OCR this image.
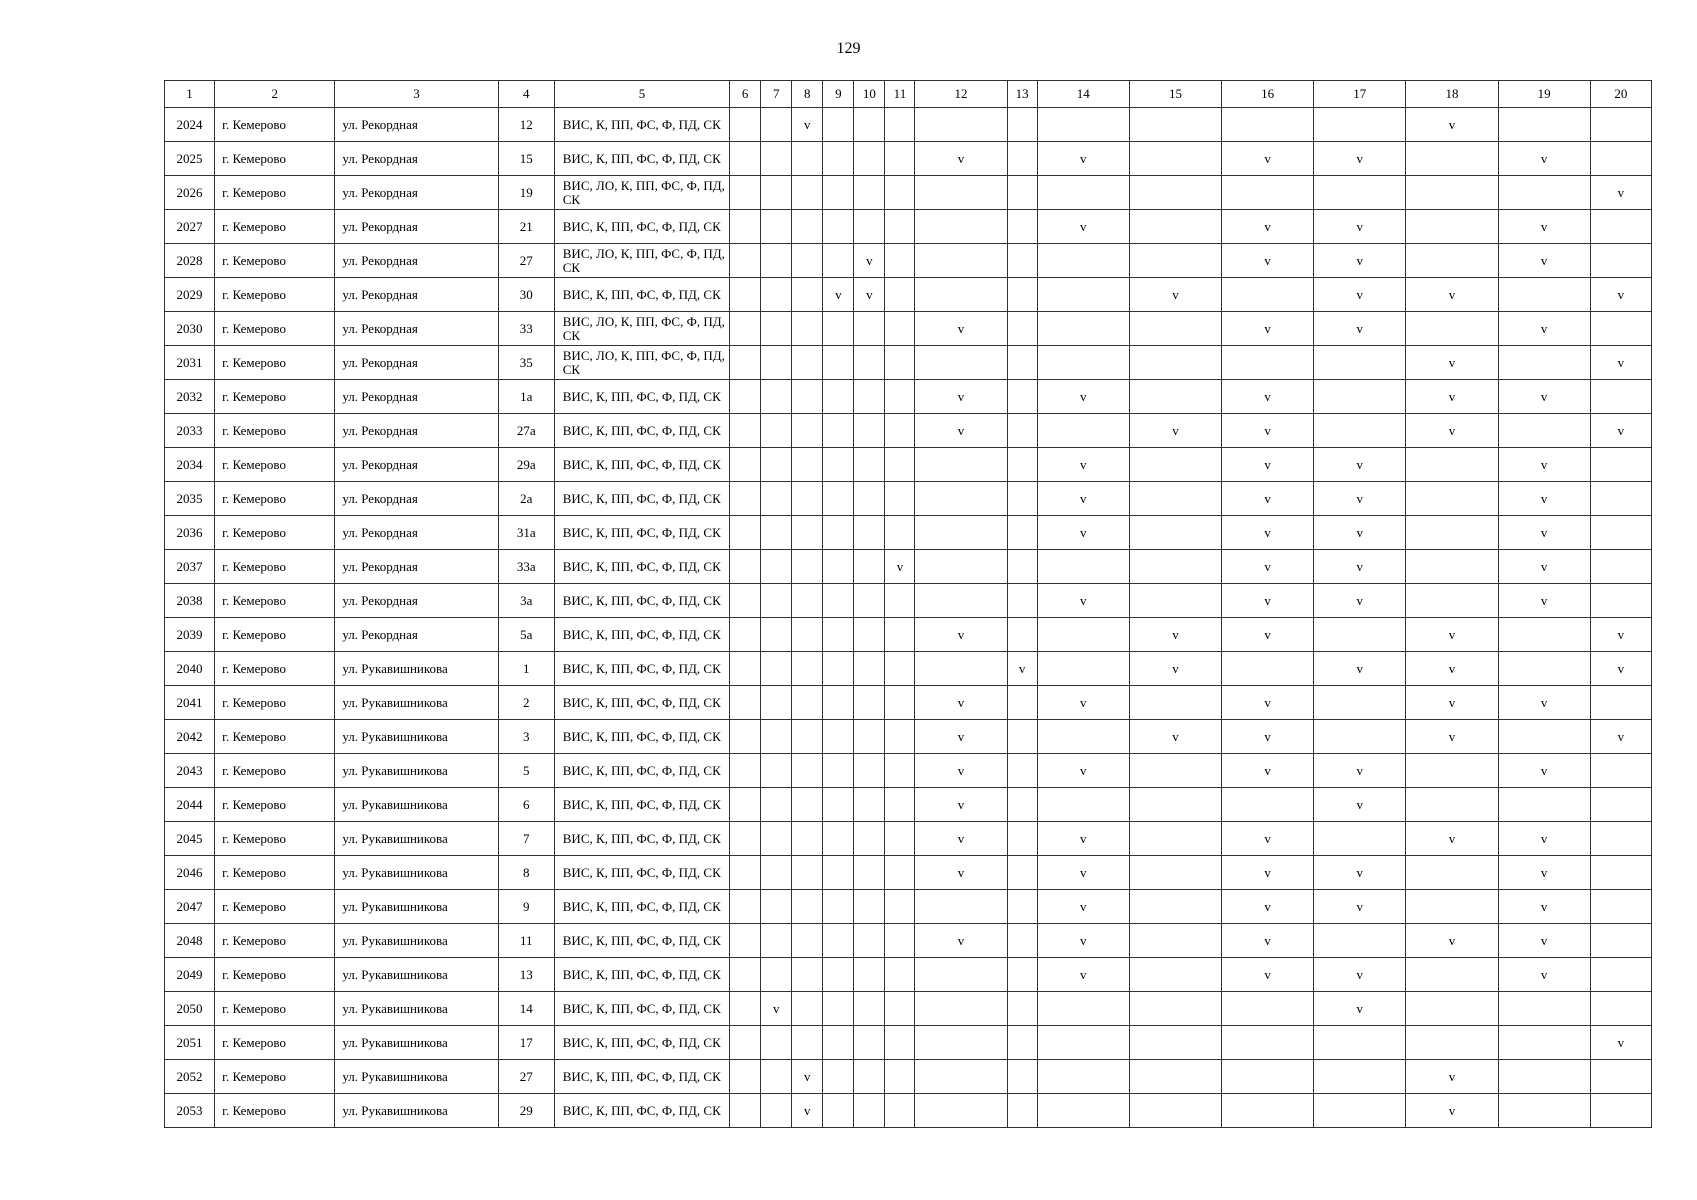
129
1	2	3	4	5	6	7	8	9	10	11	12	13	14	15	16	17	18	19	20
2024	г. Кемерово	ул. Рекордная	12	ВИС, К, ПП, ФС, Ф, ПД, СК			v										v		
2025	г. Кемерово	ул. Рекордная	15	ВИС, К, ПП, ФС, Ф, ПД, СК							v		v		v	v		v	
2026	г. Кемерово	ул. Рекордная	19	ВИС, ЛО, К, ПП, ФС, Ф, ПД, СК															v
2027	г. Кемерово	ул. Рекордная	21	ВИС, К, ПП, ФС, Ф, ПД, СК									v		v	v		v	
2028	г. Кемерово	ул. Рекордная	27	ВИС, ЛО, К, ПП, ФС, Ф, ПД, СК					v						v	v		v	
2029	г. Кемерово	ул. Рекордная	30	ВИС, К, ПП, ФС, Ф, ПД, СК				v	v					v		v	v		v
2030	г. Кемерово	ул. Рекордная	33	ВИС, ЛО, К, ПП, ФС, Ф, ПД, СК							v				v	v		v	
2031	г. Кемерово	ул. Рекордная	35	ВИС, ЛО, К, ПП, ФС, Ф, ПД, СК													v		v
2032	г. Кемерово	ул. Рекордная	1а	ВИС, К, ПП, ФС, Ф, ПД, СК							v		v		v		v	v	
2033	г. Кемерово	ул. Рекордная	27а	ВИС, К, ПП, ФС, Ф, ПД, СК							v			v	v		v		v
2034	г. Кемерово	ул. Рекордная	29а	ВИС, К, ПП, ФС, Ф, ПД, СК									v		v	v		v	
2035	г. Кемерово	ул. Рекордная	2а	ВИС, К, ПП, ФС, Ф, ПД, СК									v		v	v		v	
2036	г. Кемерово	ул. Рекордная	31а	ВИС, К, ПП, ФС, Ф, ПД, СК									v		v	v		v	
2037	г. Кемерово	ул. Рекордная	33а	ВИС, К, ПП, ФС, Ф, ПД, СК						v					v	v		v	
2038	г. Кемерово	ул. Рекордная	3а	ВИС, К, ПП, ФС, Ф, ПД, СК									v		v	v		v	
2039	г. Кемерово	ул. Рекордная	5а	ВИС, К, ПП, ФС, Ф, ПД, СК							v			v	v		v		v
2040	г. Кемерово	ул. Рукавишникова	1	ВИС, К, ПП, ФС, Ф, ПД, СК								v		v		v	v		v
2041	г. Кемерово	ул. Рукавишникова	2	ВИС, К, ПП, ФС, Ф, ПД, СК							v		v		v		v	v	
2042	г. Кемерово	ул. Рукавишникова	3	ВИС, К, ПП, ФС, Ф, ПД, СК							v			v	v		v		v
2043	г. Кемерово	ул. Рукавишникова	5	ВИС, К, ПП, ФС, Ф, ПД, СК							v		v		v	v		v	
2044	г. Кемерово	ул. Рукавишникова	6	ВИС, К, ПП, ФС, Ф, ПД, СК							v					v			
2045	г. Кемерово	ул. Рукавишникова	7	ВИС, К, ПП, ФС, Ф, ПД, СК							v		v		v		v	v	
2046	г. Кемерово	ул. Рукавишникова	8	ВИС, К, ПП, ФС, Ф, ПД, СК							v		v		v	v		v	
2047	г. Кемерово	ул. Рукавишникова	9	ВИС, К, ПП, ФС, Ф, ПД, СК									v		v	v		v	
2048	г. Кемерово	ул. Рукавишникова	11	ВИС, К, ПП, ФС, Ф, ПД, СК							v		v		v		v	v	
2049	г. Кемерово	ул. Рукавишникова	13	ВИС, К, ПП, ФС, Ф, ПД, СК									v		v	v		v	
2050	г. Кемерово	ул. Рукавишникова	14	ВИС, К, ПП, ФС, Ф, ПД, СК		v										v			
2051	г. Кемерово	ул. Рукавишникова	17	ВИС, К, ПП, ФС, Ф, ПД, СК															v
2052	г. Кемерово	ул. Рукавишникова	27	ВИС, К, ПП, ФС, Ф, ПД, СК			v										v		
2053	г. Кемерово	ул. Рукавишникова	29	ВИС, К, ПП, ФС, Ф, ПД, СК			v										v		
